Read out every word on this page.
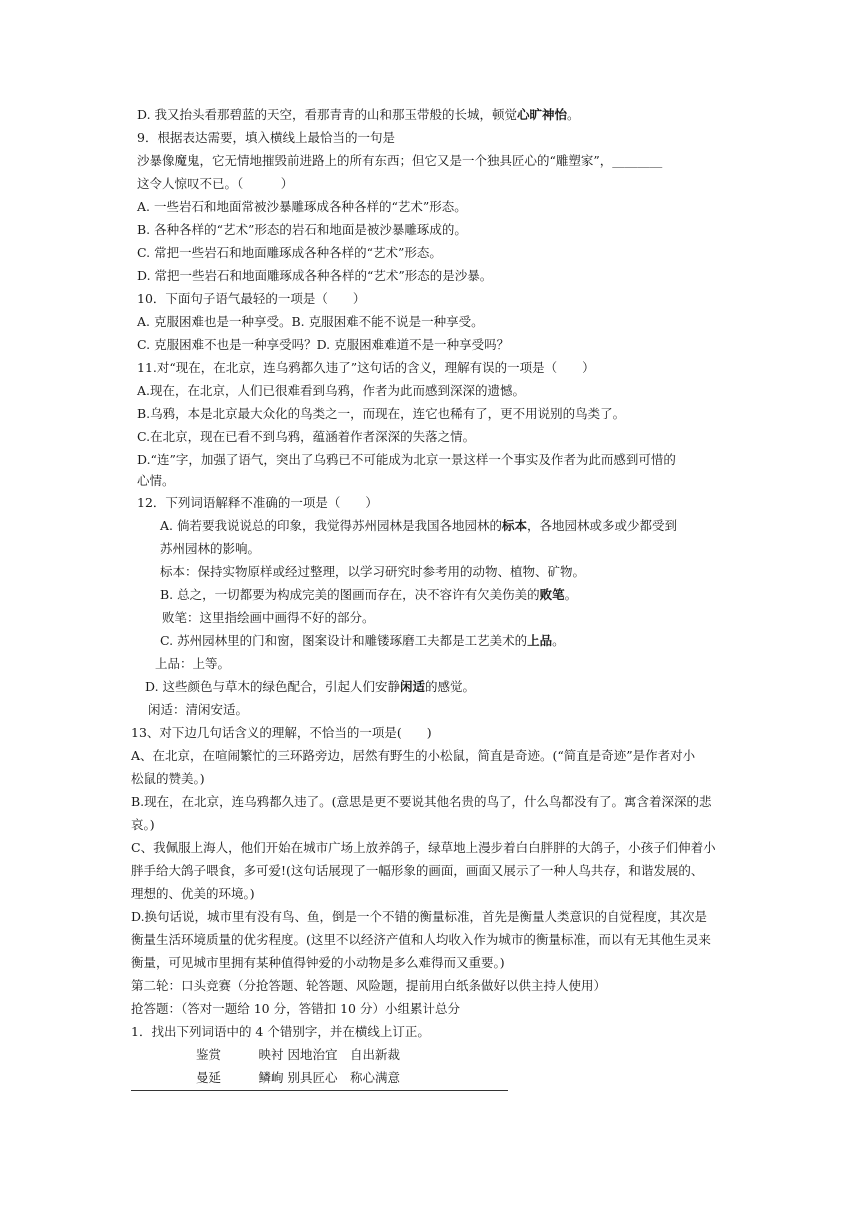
D. 我又抬头看那碧蓝的天空，看那青青的山和那玉带般的长城，顿觉心旷神怡。

9．根据表达需要，填入横线上最恰当的一句是

沙暴像魔鬼，它无情地摧毁前进路上的所有东西；但它又是一个独具匠心的“雕塑家”，________

这令人惊叹不已。（　　　）

A. 一些岩石和地面常被沙暴雕琢成各种各样的“艺术”形态。

B. 各种各样的“艺术”形态的岩石和地面是被沙暴雕琢成的。

C. 常把一些岩石和地面雕琢成各种各样的“艺术”形态。

D. 常把一些岩石和地面雕琢成各种各样的“艺术”形态的是沙暴。

10．下面句子语气最轻的一项是（　　）

A. 克服困难也是一种享受。B. 克服困难不能不说是一种享受。

C. 克服困难不也是一种享受吗？D. 克服困难难道不是一种享受吗？

11.对“现在，在北京，连乌鸦都久违了”这句话的含义，理解有误的一项是（　　）

A.现在，在北京，人们已很难看到乌鸦，作者为此而感到深深的遗憾。

B.乌鸦，本是北京最大众化的鸟类之一，而现在，连它也稀有了，更不用说别的鸟类了。

C.在北京，现在已看不到乌鸦，蕴涵着作者深深的失落之情。

D.“连”字，加强了语气，突出了乌鸦已不可能成为北京一景这样一个事实及作者为此而感到可惜的

心情。

12．下列词语解释不准确的一项是（　　）

A. 倘若要我说说总的印象，我觉得苏州园林是我国各地园林的标本，各地园林或多或少都受到

苏州园林的影响。

标本：保持实物原样或经过整理，以学习研究时参考用的动物、植物、矿物。

B. 总之，一切都要为构成完美的图画而存在，决不容许有欠美伤美的败笔。

败笔：这里指绘画中画得不好的部分。

C. 苏州园林里的门和窗，图案设计和雕镂琢磨工夫都是工艺美术的上品。

上品：上等。

D. 这些颜色与草木的绿色配合，引起人们安静闲适的感觉。

闲适：清闲安适。

13、对下边几句话含义的理解，不恰当的一项是(　　)

A、在北京，在喧闹繁忙的三环路旁边，居然有野生的小松鼠，简直是奇迹。(“简直是奇迹”是作者对小

松鼠的赞美。)

B.现在，在北京，连乌鸦都久违了。(意思是更不要说其他名贵的鸟了，什么鸟都没有了。寓含着深深的悲

哀。)

C、我佩服上海人，他们开始在城市广场上放养鸽子，绿草地上漫步着白白胖胖的大鸽子，小孩子们伸着小

胖手给大鸽子喂食，多可爱!(这句话展现了一幅形象的画面，画面又展示了一种人鸟共存，和谐发展的、

理想的、优美的环境。)

D.换句话说，城市里有没有鸟、鱼，倒是一个不错的衡量标准，首先是衡量人类意识的自觉程度，其次是

衡量生活环境质量的优劣程度。(这里不以经济产值和人均收入作为城市的衡量标准，而以有无其他生灵来

衡量，可见城市里拥有某种值得钟爱的小动物是多么难得而又重要。)

第二轮：口头竞赛（分抢答题、轮答题、风险题，提前用白纸条做好以供主持人使用）

抢答题：（答对一题给 10 分，答错扣 10 分）小组累计总分

1．找出下列词语中的 4 个错别字，并在横线上订正。

鉴赏　　　映衬 因地治宜　自出新裁

曼延　　　鳞峋 别具匠心　称心满意
